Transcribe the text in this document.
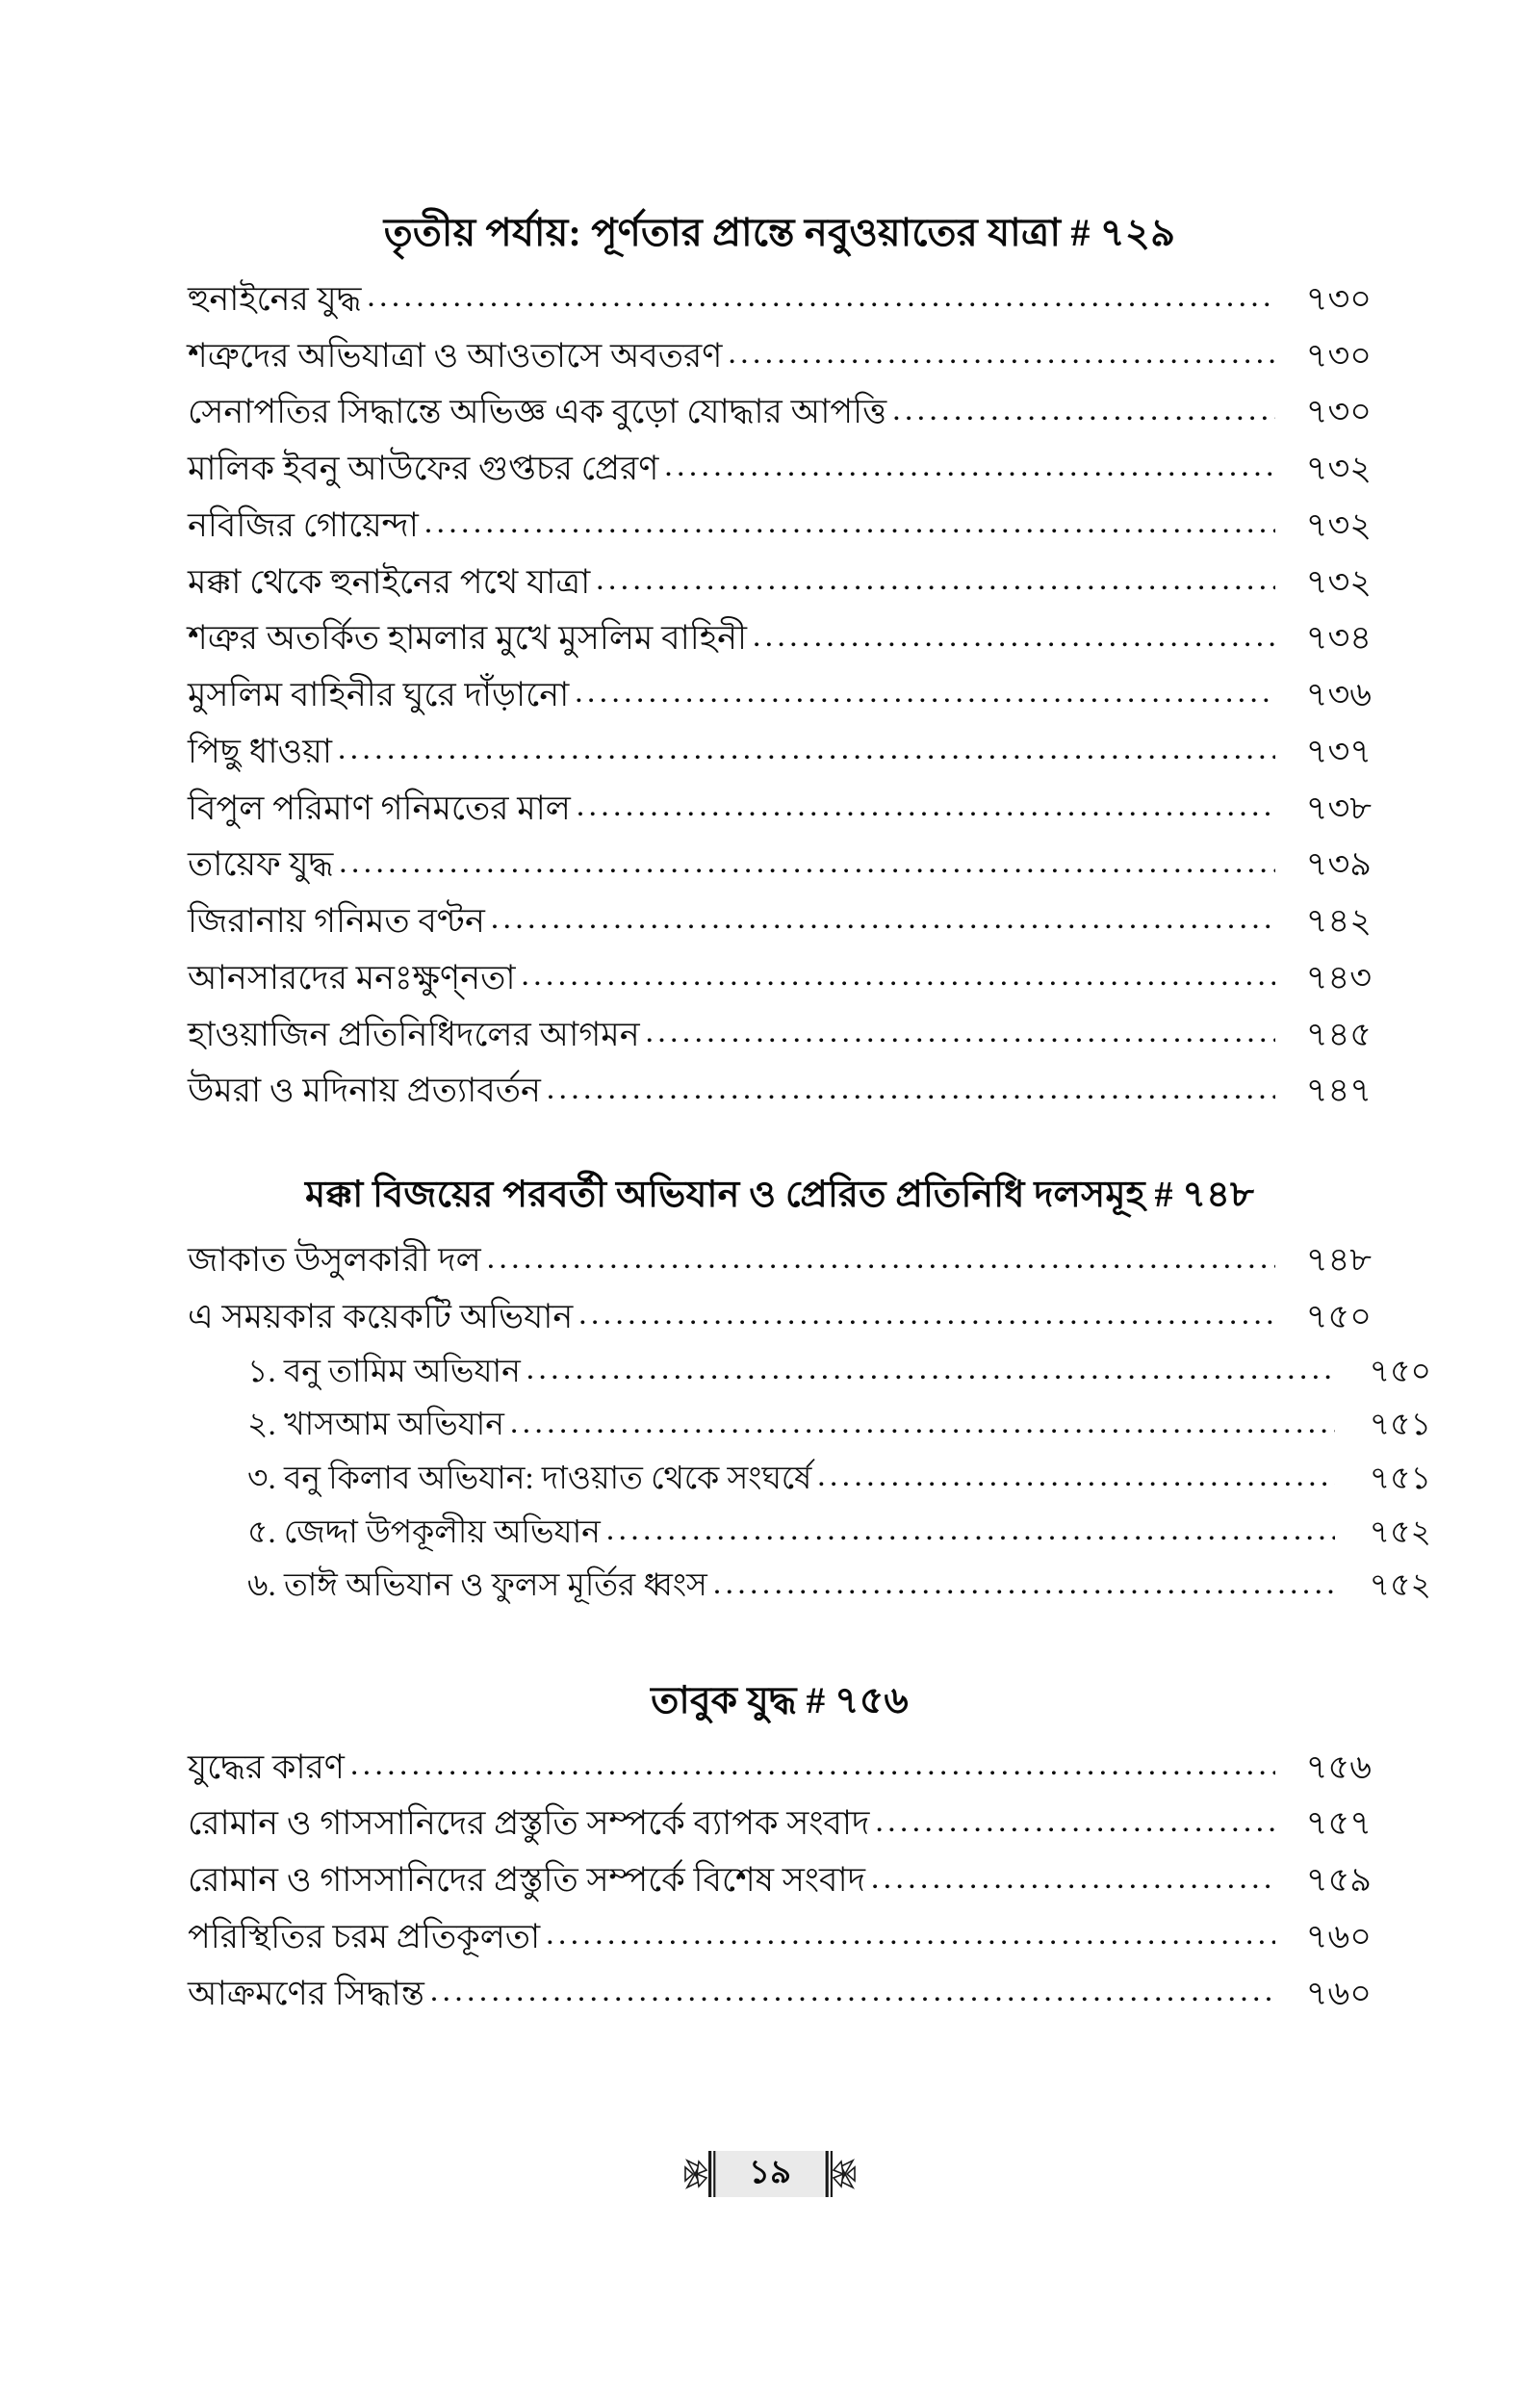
তৃতীয় পর্যায়: পূর্ণতার প্রান্তে নবুওয়াতের যাত্রা # ৭২৯
হুনাইনের যুদ্ধ .....	৭৩০
শত্রুদের অভিযাত্রা ও আওতাসে অবতরণ .....	৭৩০
সেনাপতির সিদ্ধান্তে অভিজ্ঞ এক বুড়ো যোদ্ধার আপত্তি .....	৭৩০
মালিক ইবনু আউফের গুপ্তচর প্রেরণ .....	৭৩২
নবিজির গোয়েন্দা .....	৭৩২
মক্কা থেকে হুনাইনের পথে যাত্রা .....	৭৩২
শত্রুর অতর্কিত হামলার মুখে মুসলিম বাহিনী .....	৭৩৪
মুসলিম বাহিনীর ঘুরে দাঁড়ানো .....	৭৩৬
পিছু ধাওয়া .....	৭৩৭
বিপুল পরিমাণ গনিমতের মাল .....	৭৩৮
তায়েফ যুদ্ধ .....	৭৩৯
জিরানায় গনিমত বণ্টন .....	৭৪২
আনসারদের মনঃক্ষুণ্নতা .....	৭৪৩
হাওয়াজিন প্রতিনিধিদলের আগমন .....	৭৪৫
উমরা ও মদিনায় প্রত্যাবর্তন .....	৭৪৭
মক্কা বিজয়ের পরবর্তী অভিযান ও প্রেরিত প্রতিনিধি দলসমূহ # ৭৪৮
জাকাত উসুলকারী দল .....	৭৪৮
এ সময়কার কয়েকটি অভিযান .....	৭৫০
১. বনু তামিম অভিযান .....	৭৫০
২. খাসআম অভিযান .....	৭৫১
৩. বনু কিলাব অভিযান: দাওয়াত থেকে সংঘর্ষে .....	৭৫১
৫. জেদ্দা উপকূলীয় অভিযান .....	৭৫২
৬. তাঈ অভিযান ও ফুলস মূর্তির ধ্বংস .....	৭৫২
তাবুক যুদ্ধ # ৭৫৬
যুদ্ধের কারণ .....	৭৫৬
রোমান ও গাসসানিদের প্রস্তুতি সম্পর্কে ব্যাপক সংবাদ .....	৭৫৭
রোমান ও গাসসানিদের প্রস্তুতি সম্পর্কে বিশেষ সংবাদ .....	৭৫৯
পরিস্থিতির চরম প্রতিকূলতা .....	৭৬০
আক্রমণের সিদ্ধান্ত .....	৭৬০
১৯
